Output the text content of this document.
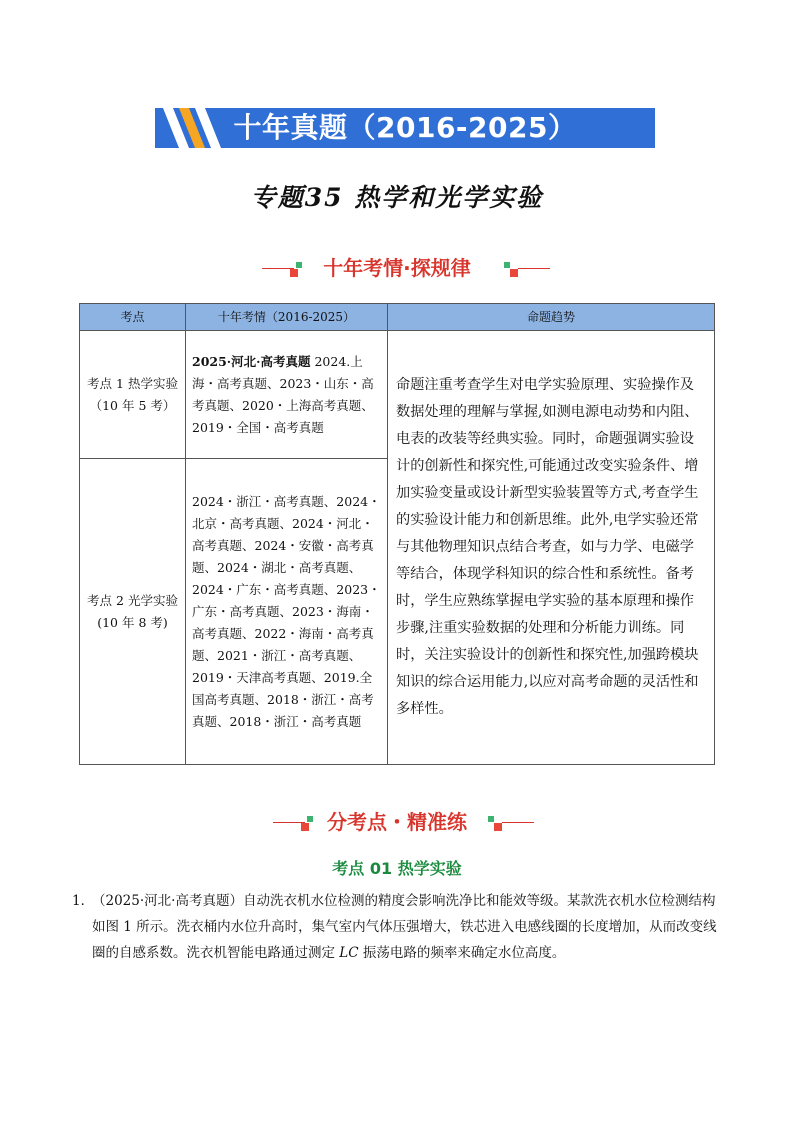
十年真题（2016-2025）
专题35 热学和光学实验
十年考情·探规律
考点	十年考情（2016-2025）	命题趋势

考点 1 热学实验
（10 年 5 考）	2025·河北·高考真题 2024.上海・高考真题、2023・山东・高考真题、2020・上海高考真题、2019・全国・高考真题	命题注重考查学生对电学实验原理、实验操作及数据处理的理解与掌握,如测电源电动势和内阻、电表的改装等经典实验。同时，命题强调实验设计的创新性和探究性,可能通过改变实验条件、增加实验变量或设计新型实验装置等方式,考查学生的实验设计能力和创新思维。此外,电学实验还常与其他物理知识点结合考查，如与力学、电磁学等结合，体现学科知识的综合性和系统性。备考时，学生应熟练掌握电学实验的基本原理和操作步骤,注重实验数据的处理和分析能力训练。同时，关注实验设计的创新性和探究性,加强跨模块知识的综合运用能力,以应对高考命题的灵活性和多样性。

考点 2 光学实验(10 年 8 考)	2024・浙江・高考真题、2024・北京・高考真题、2024・河北・高考真题、2024・安徽・高考真题、2024・湖北・高考真题、2024・广东・高考真题、2023・广东・高考真题、2023・海南・高考真题、2022・海南・高考真题、2021・浙江・高考真题、2019・天津高考真题、2019.全国高考真题、2018・浙江・高考真题、2018・浙江・高考真题	
分考点・精准练
考点 01 热学实验
1．
（2025·河北·高考真题）自动洗衣机水位检测的精度会影响洗净比和能效等级。某款洗衣机水位检测结构如图 1 所示。洗衣桶内水位升高时，集气室内气体压强增大，铁芯进入电感线圈的长度增加，从而改变线圈的自感系数。洗衣机智能电路通过测定 LC 振荡电路的频率来确定水位高度。
